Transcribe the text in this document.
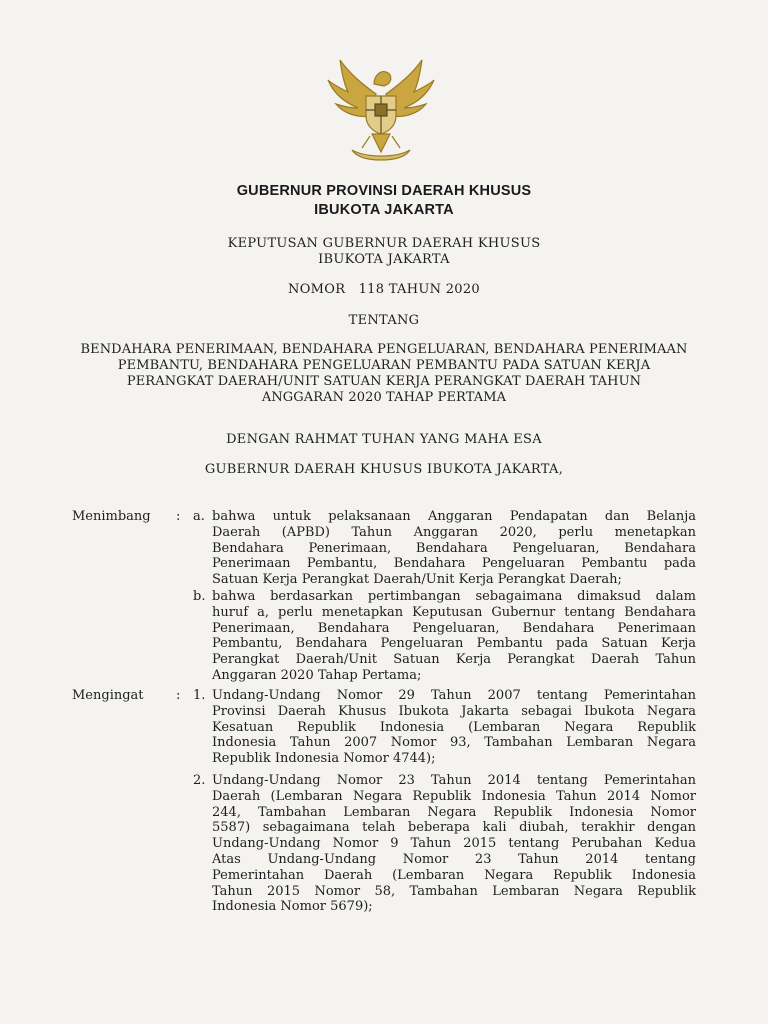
GUBERNUR PROVINSI DAERAH KHUSUS
IBUKOTA JAKARTA
KEPUTUSAN GUBERNUR DAERAH KHUSUS
IBUKOTA JAKARTA
NOMOR   118 TAHUN 2020
TENTANG
BENDAHARA PENERIMAAN, BENDAHARA PENGELUARAN, BENDAHARA PENERIMAAN
PEMBANTU, BENDAHARA PENGELUARAN PEMBANTU PADA SATUAN KERJA
PERANGKAT DAERAH/UNIT SATUAN KERJA PERANGKAT DAERAH TAHUN
ANGGARAN 2020 TAHAP PERTAMA
DENGAN RAHMAT TUHAN YANG MAHA ESA
GUBERNUR DAERAH KHUSUS IBUKOTA JAKARTA,
Menimbang : a. bahwa untuk pelaksanaan Anggaran Pendapatan dan Belanja
Daerah (APBD) Tahun Anggaran 2020, perlu menetapkan
Bendahara Penerimaan, Bendahara Pengeluaran, Bendahara
Penerimaan Pembantu, Bendahara Pengeluaran Pembantu pada
Satuan Kerja Perangkat Daerah/Unit Kerja Perangkat Daerah;
b. bahwa berdasarkan pertimbangan sebagaimana dimaksud dalam
huruf a, perlu menetapkan Keputusan Gubernur tentang Bendahara
Penerimaan, Bendahara Pengeluaran, Bendahara Penerimaan
Pembantu, Bendahara Pengeluaran Pembantu pada Satuan Kerja
Perangkat Daerah/Unit Satuan Kerja Perangkat Daerah Tahun
Anggaran 2020 Tahap Pertama;
Mengingat : 1. Undang-Undang Nomor 29 Tahun 2007 tentang Pemerintahan
Provinsi Daerah Khusus Ibukota Jakarta sebagai Ibukota Negara
Kesatuan Republik Indonesia (Lembaran Negara Republik
Indonesia Tahun 2007 Nomor 93, Tambahan Lembaran Negara
Republik Indonesia Nomor 4744);
2. Undang-Undang Nomor 23 Tahun 2014 tentang Pemerintahan
Daerah (Lembaran Negara Republik Indonesia Tahun 2014 Nomor
244, Tambahan Lembaran Negara Republik Indonesia Nomor
5587) sebagaimana telah beberapa kali diubah, terakhir dengan
Undang-Undang Nomor 9 Tahun 2015 tentang Perubahan Kedua
Atas Undang-Undang Nomor 23 Tahun 2014 tentang
Pemerintahan Daerah (Lembaran Negara Republik Indonesia
Tahun 2015 Nomor 58, Tambahan Lembaran Negara Republik
Indonesia Nomor 5679);
